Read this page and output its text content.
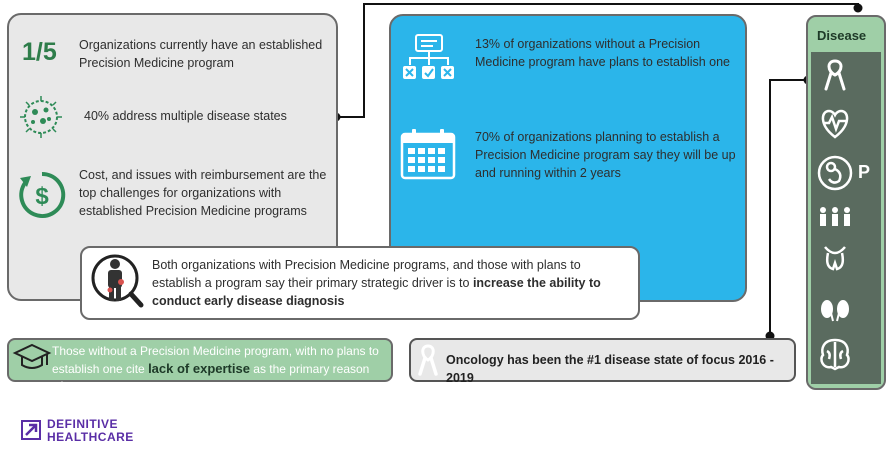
1/5 Organizations currently have an established Precision Medicine program
40% address multiple disease states
$
Cost, and issues with reimbursement are the top challenges for organizations with established Precision Medicine programs
13% of organizations without a Precision Medicine program have plans to establish one
70% of organizations planning to establish a Precision Medicine program say they will be up and running within 2 years
Both organizations with Precision Medicine programs, and those with plans to establish a program say their primary strategic driver is to increase the ability to conduct early disease diagnosis
Those without a Precision Medicine program, with no plans to establish one cite lack of expertise as the primary reason why
Oncology has been the #1 disease state of focus 2016 - 2019
Disease
P
DEFINITIVE
HEALTHCARE
